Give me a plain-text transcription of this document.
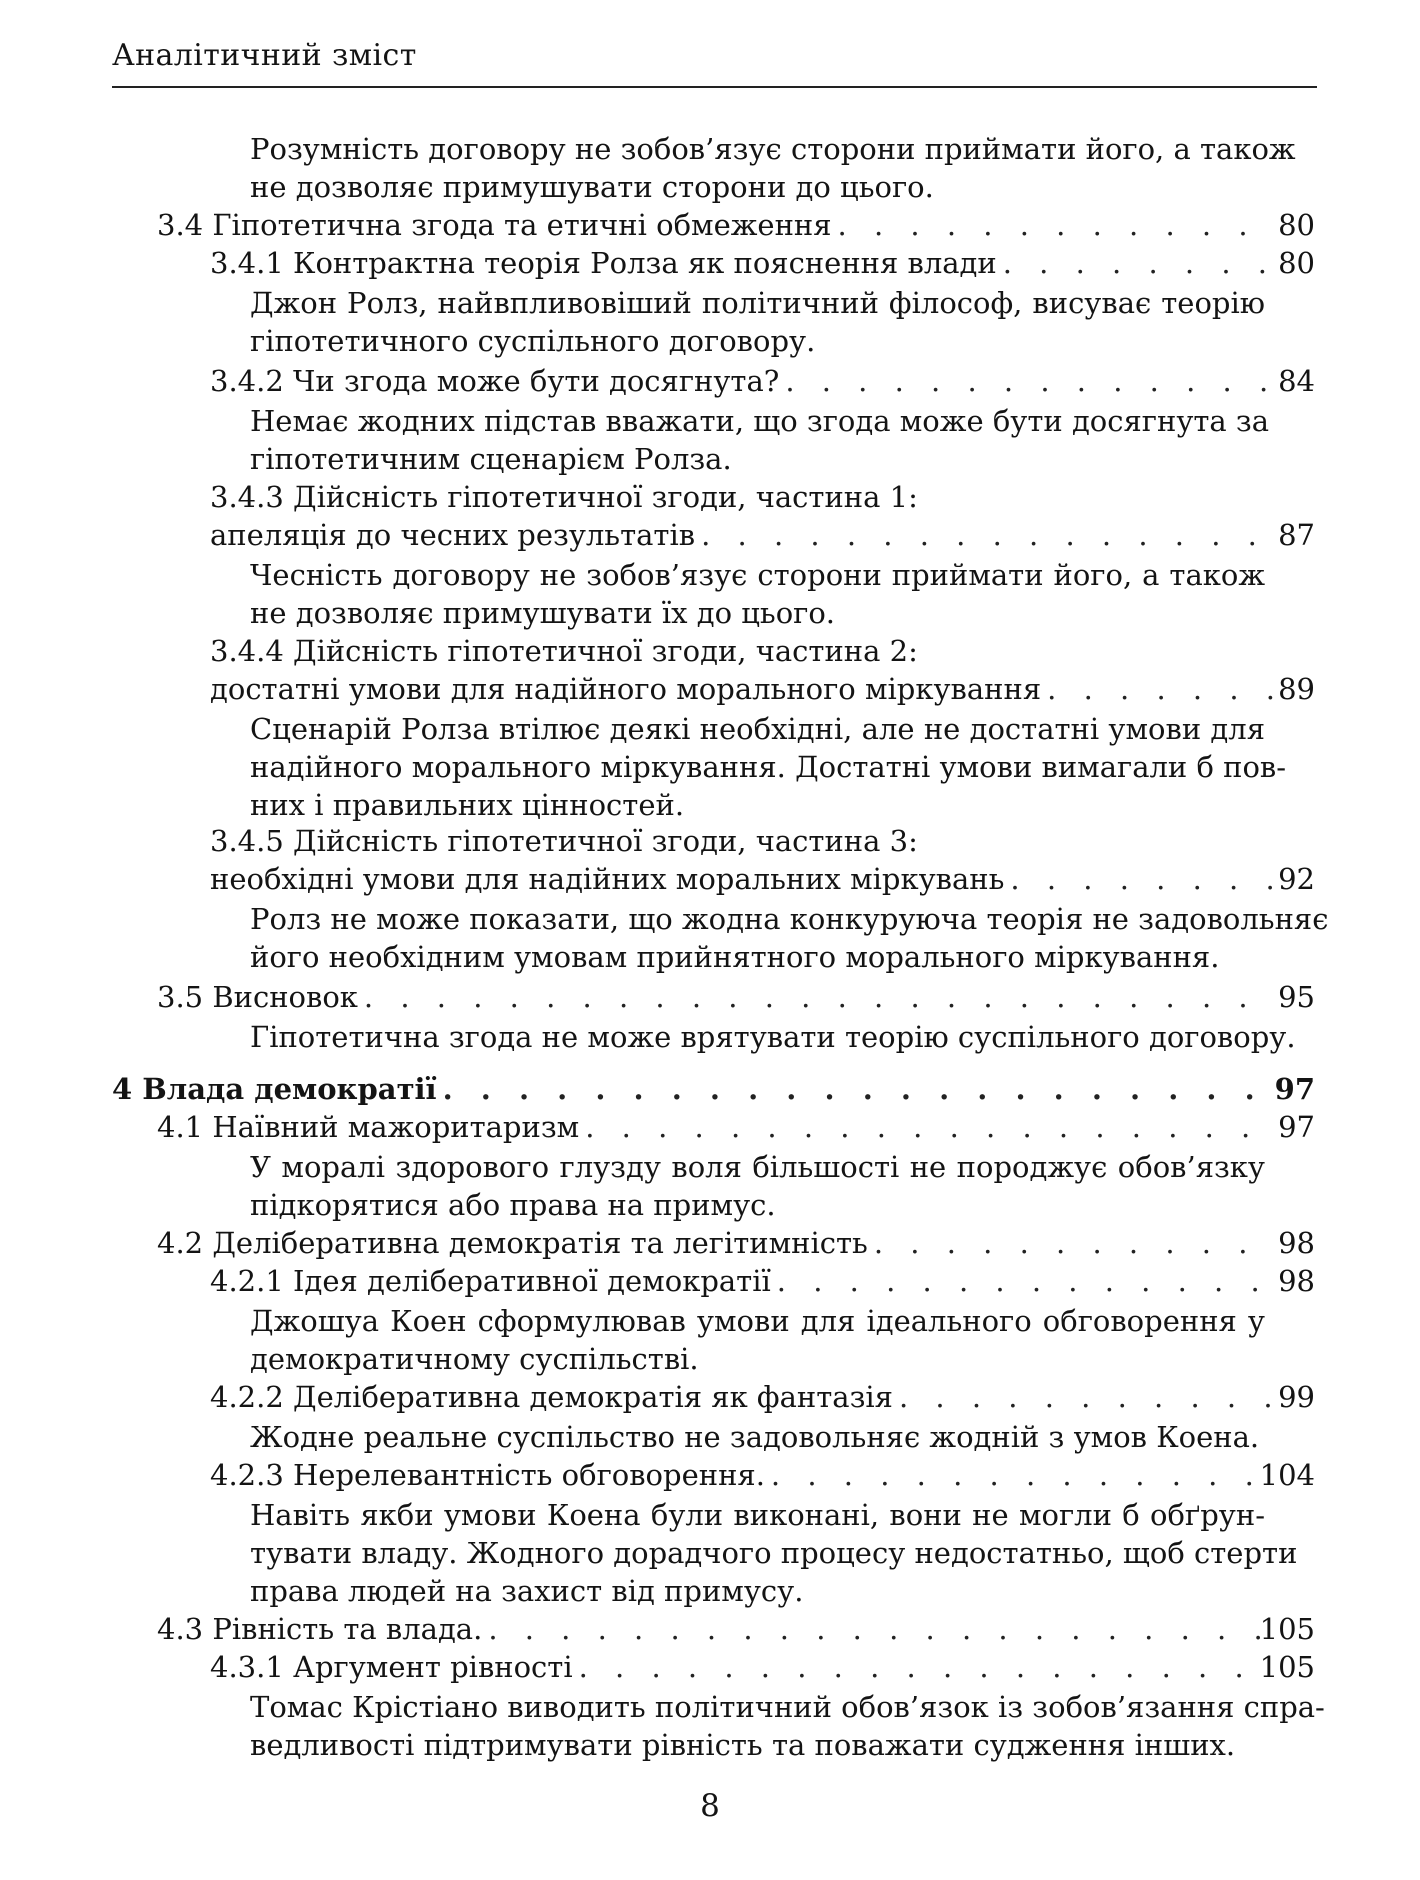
Аналітичний зміст
Розумність договору не зобов’язує сторони приймати його, а також
не дозволяє примушувати сторони до цього.
3.4 Гіпотетична згода та етичні обмеження . . .	80
3.4.1 Контрактна теорія Ролза як пояснення влади . . .	80
Джон Ролз, найвпливовіший політичний філософ, висуває теорію
гіпотетичного суспільного договору.
3.4.2 Чи згода може бути досягнута? . . .	84
Немає жодних підстав вважати, що згода може бути досягнута за
гіпотетичним сценарієм Ролза.
3.4.3 Дійсність гіпотетичної згоди, частина 1:
апеляція до чесних результатів . . .	87
Чесність договору не зобов’язує сторони приймати його, а також
не дозволяє примушувати їх до цього.
3.4.4 Дійсність гіпотетичної згоди, частина 2:
достатні умови для надійного морального міркування . . .	89
Сценарій Ролза втілює деякі необхідні, але не достатні умови для
надійного морального міркування. Достатні умови вимагали б пов-
них і правильних цінностей.
3.4.5 Дійсність гіпотетичної згоди, частина 3:
необхідні умови для надійних моральних міркувань . . .	92
Ролз не може показати, що жодна конкуруюча теорія не задовольняє
його необхідним умовам прийнятного морального міркування.
3.5 Висновок . . .	95
Гіпотетична згода не може врятувати теорію суспільного договору.
4 Влада демократії . . .	97
4.1 Наївний мажоритаризм . . .	97
У моралі здорового глузду воля більшості не породжує обов’язку
підкорятися або права на примус.
4.2 Деліберативна демократія та легітимність . . .	98
4.2.1 Ідея деліберативної демократії . . .	98
Джошуа Коен сформулював умови для ідеального обговорення у
демократичному суспільстві.
4.2.2 Деліберативна демократія як фантазія . . .	99
Жодне реальне суспільство не задовольняє жодній з умов Коена.
4.2.3 Нерелевантність обговорення. . . .	104
Навіть якби умови Коена були виконані, вони не могли б обґрун-
тувати владу. Жодного дорадчого процесу недостатньо, щоб стерти
права людей на захист від примусу.
4.3 Рівність та влада. . . .	105
4.3.1 Аргумент рівності . . .	105
Томас Крістіано виводить політичний обов’язок із зобов’язання спра-
ведливості підтримувати рівність та поважати судження інших.
8
